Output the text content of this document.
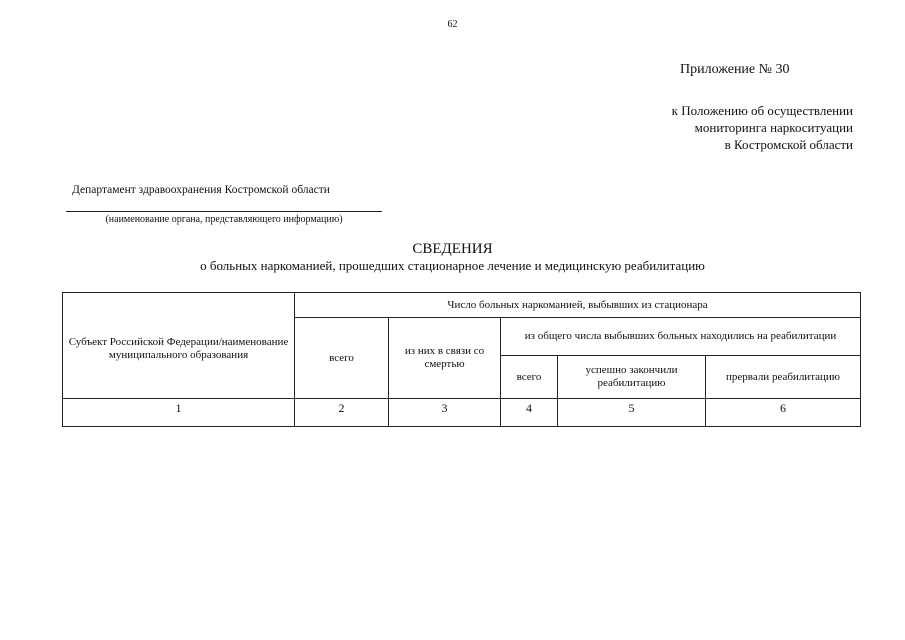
62
Приложение № 30
к Положению об осуществлении
мониторинга наркоситуации
в Костромской области
Департамент здравоохранения Костромской области
(наименование органа, представляющего информацию)
СВЕДЕНИЯ
о больных наркоманией, прошедших стационарное лечение и медицинскую реабилитацию
Субъект Российской Федерации/наименование муниципального образования	Число больных наркоманией, выбывших из стационара				
	всего	из них в связи со смертью	из общего числа выбывших больных находились на реабилитации		
			всего	успешно закончили реабилитацию	прервали реабилитацию
1	2	3	4	5	6
